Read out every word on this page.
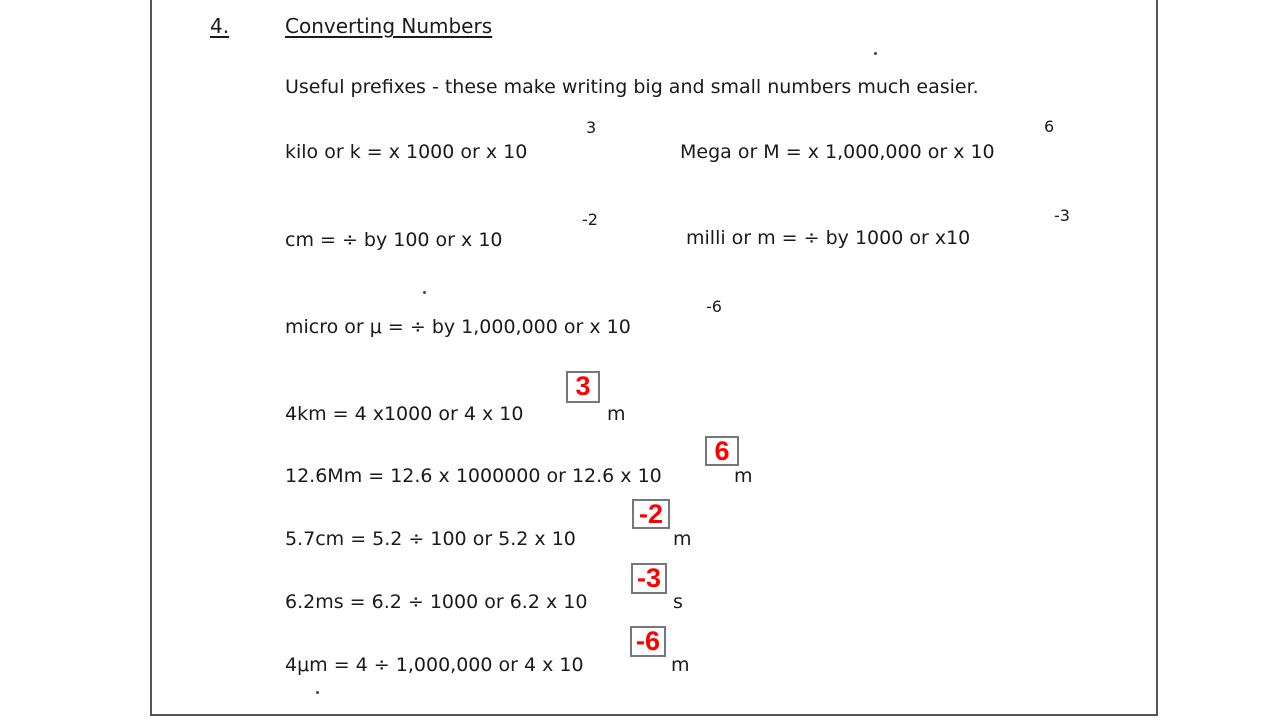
4.	Converting Numbers
Useful prefixes - these make writing big and small numbers much easier.
kilo or k = x 1000 or x 10
3
Mega or M = x 1,000,000 or x 10
6
cm = ÷ by 100 or x 10
-2
milli or m = ÷ by 1000 or x10
-3
micro or μ = ÷ by 1,000,000 or x 10
-6
4km = 4 x1000 or 4 x 10
3
m
12.6Mm = 12.6 x 1000000 or 12.6 x 10
6
m
5.7cm = 5.2 ÷ 100 or 5.2 x 10
-2
m
6.2ms = 6.2 ÷ 1000 or 6.2 x 10
-3
s
4μm = 4 ÷ 1,000,000 or 4 x 10
-6
m
